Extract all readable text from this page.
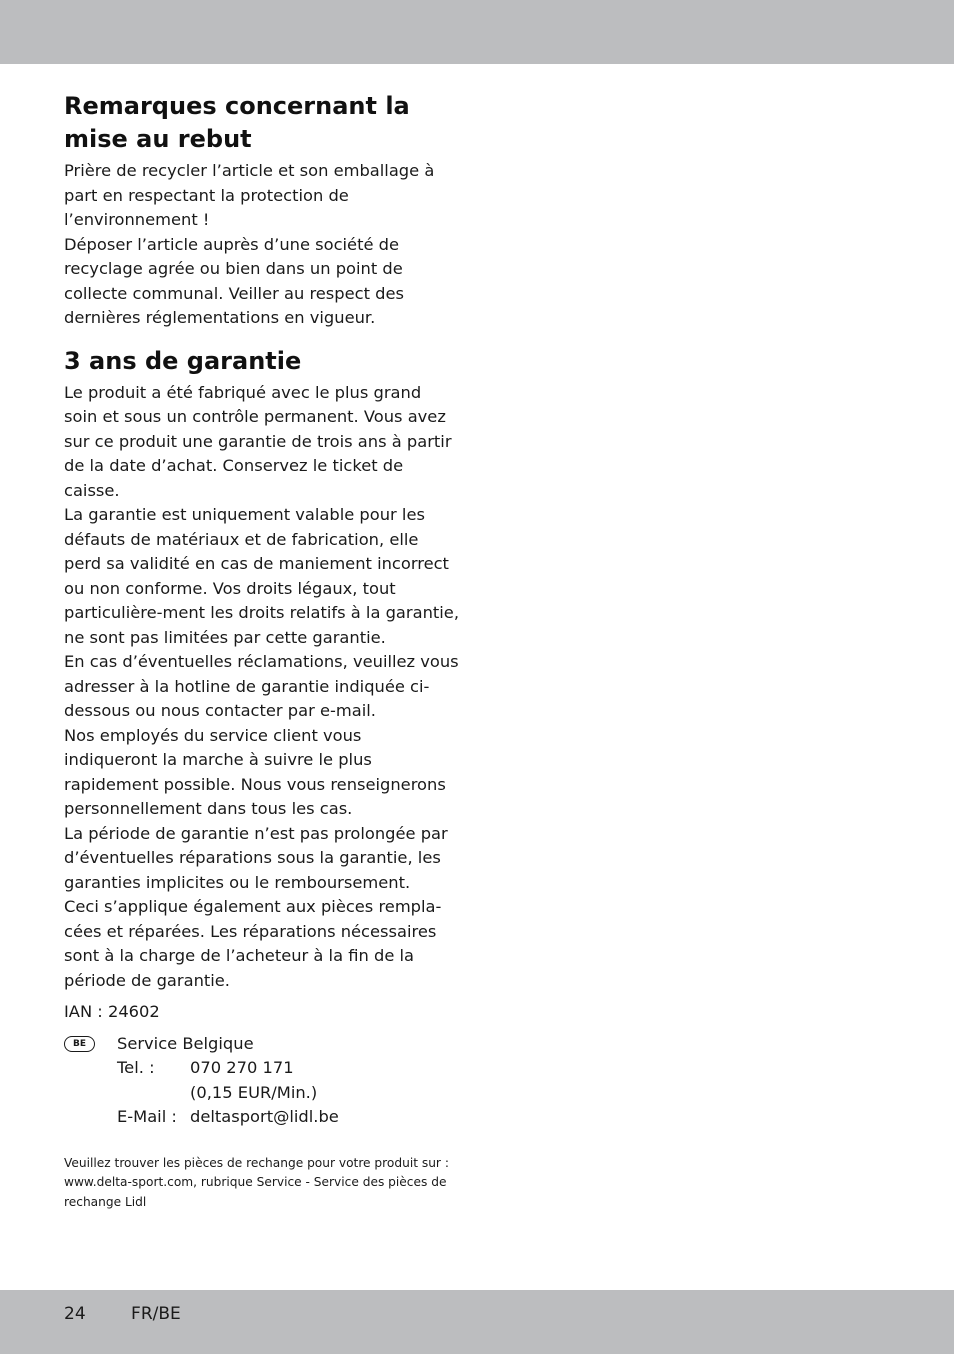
Remarques concernant la mise au rebut

Prière de recycler l’article et son emballage à part en respectant la protection de l’environnement !

Déposer l’article auprès d’une société de recyclage agrée ou bien dans un point de collecte communal. Veiller au respect des dernières réglementations en vigueur.

3 ans de garantie

Le produit a été fabriqué avec le plus grand soin et sous un contrôle permanent. Vous avez sur ce produit une garantie de trois ans à partir de la date d’achat. Conservez le ticket de caisse.

La garantie est uniquement valable pour les défauts de matériaux et de fabrication, elle perd sa validité en cas de maniement incorrect ou non conforme. Vos droits légaux, tout particulière-ment les droits relatifs à la garantie, ne sont pas limitées par cette garantie.

En cas d’éventuelles réclamations, veuillez vous adresser à la hotline de garantie indiquée ci-dessous ou nous contacter par e-mail.

Nos employés du service client vous indiqueront la marche à suivre le plus rapidement possible. Nous vous renseignerons personnellement dans tous les cas.

La période de garantie n’est pas prolongée par d’éventuelles réparations sous la garantie, les garanties implicites ou le remboursement.

Ceci s’applique également aux pièces rempla-cées et réparées. Les réparations nécessaires sont à la charge de l’acheteur à la fin de la période de garantie.

IAN : 24602
BE	Service Belgique
Tel. :	070 270 171
(0,15 EUR/Min.)
E-Mail : deltasport@lidl.be
Veuillez trouver les pièces de rechange pour votre produit sur : www.delta-sport.com, rubrique Service - Service des pièces de rechange Lidl
24	FR/BE
